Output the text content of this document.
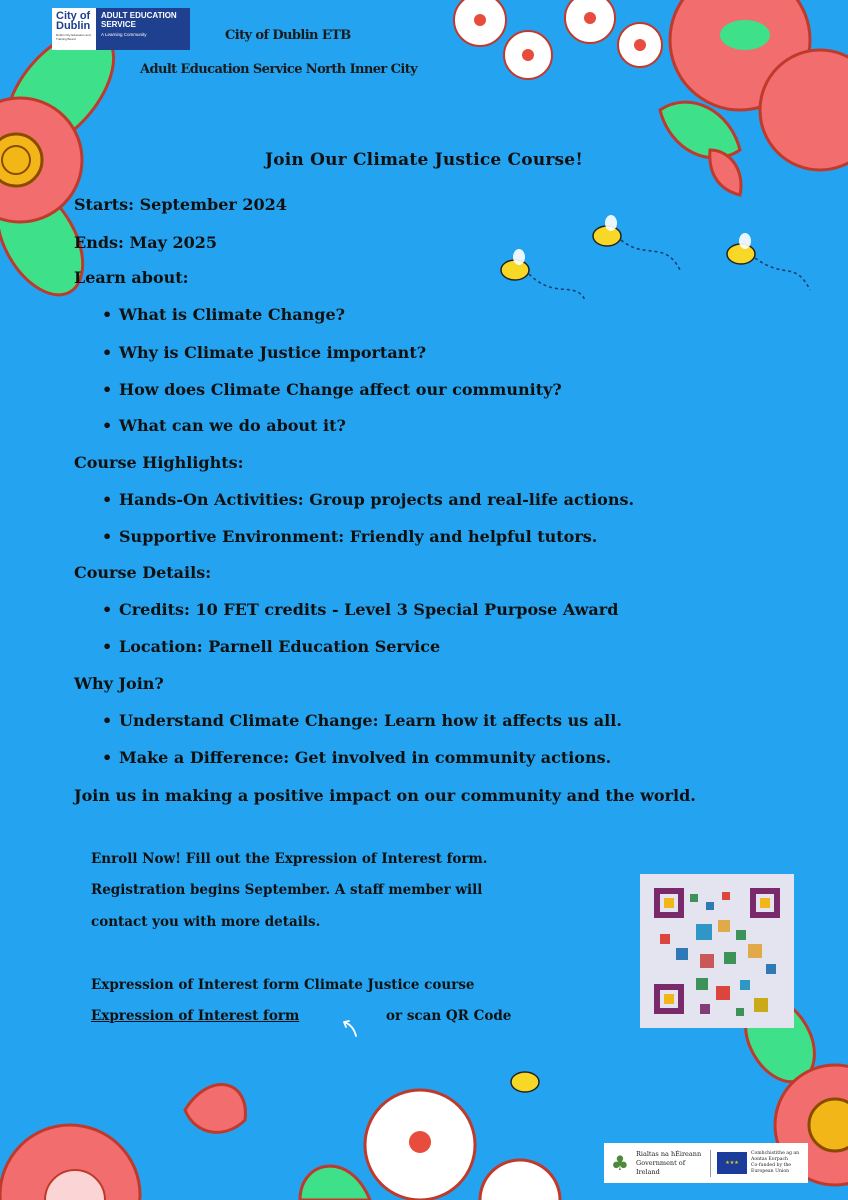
City of Dublin
Dublin City Education and Training Board
ADULT EDUCATION SERVICE
A Learning Community	City of Dublin ETB
Adult Education Service North Inner City
Join Our Climate Justice Course!
Starts: September 2024
Ends: May 2025
Learn about:
• What is Climate Change?
• Why is Climate Justice important?
• How does Climate Change affect our community?
• What can we do about it?
Course Highlights:
• Hands-On Activities: Group projects and real-life actions.
• Supportive Environment: Friendly and helpful tutors.
Course Details:
• Credits: 10 FET credits - Level 3 Special Purpose Award
• Location: Parnell Education Service
Why Join?
• Understand Climate Change: Learn how it affects us all.
• Make a Difference: Get involved in community actions.
Join us in making a positive impact on our community and the world.
Enroll Now! Fill out the Expression of Interest form.
Registration begins September. A staff member will
contact you with more details.
Expression of Interest form Climate Justice course
Expression of Interest form	or scan QR Code
♣	Rialtas na hÉireann
Government of Ireland
★★★
Comhchistithe ag an Aontas Eorpach
Co-funded by the European Union
